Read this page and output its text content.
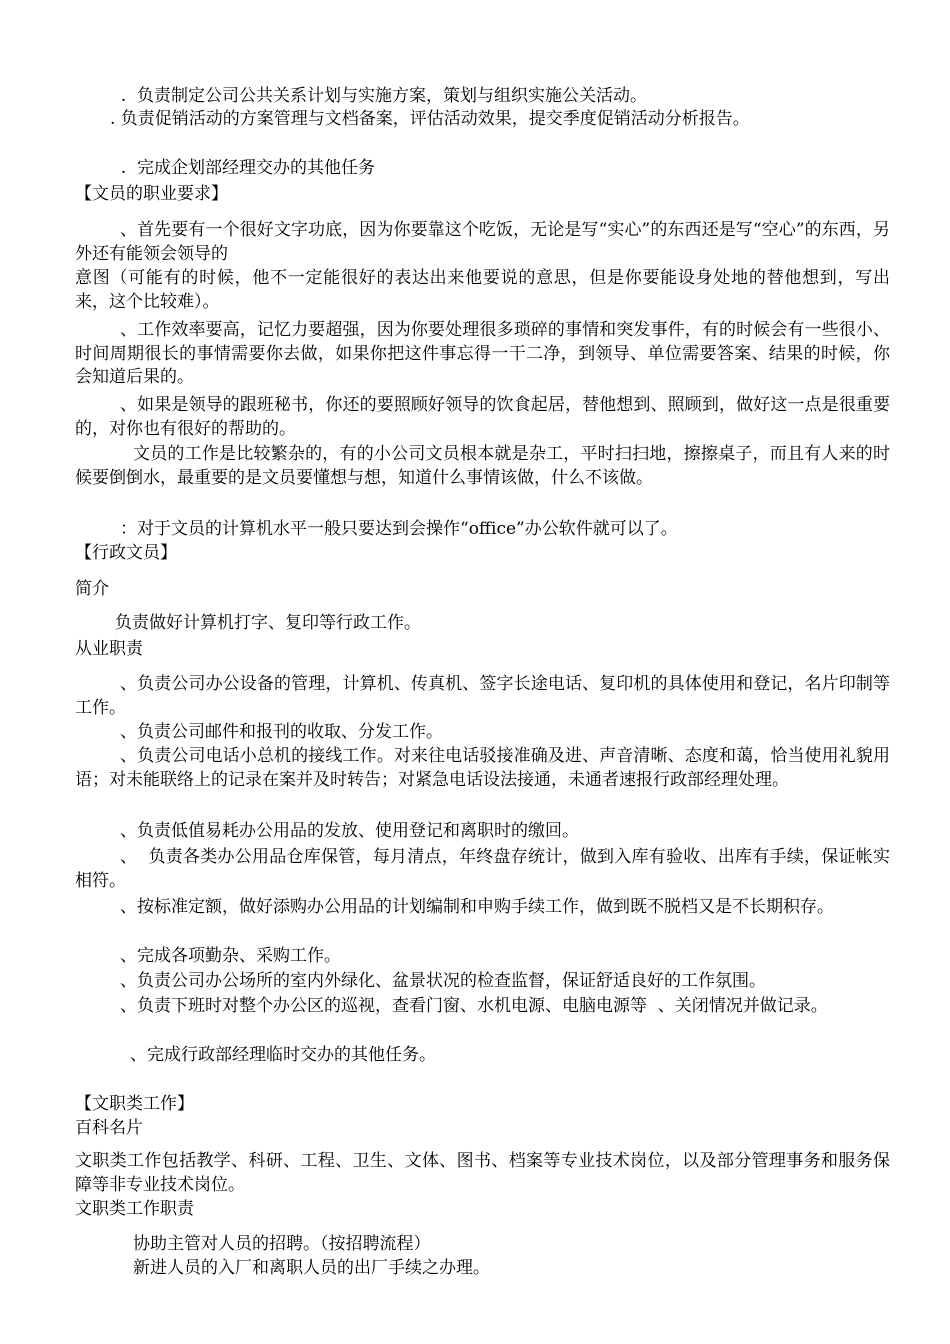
.  负责制定公司公共关系计划与实施方案，策划与组织实施公关活动。
. 负责促销活动的方案管理与文档备案，评估活动效果，提交季度促销活动分析报告。
.  完成企划部经理交办的其他任务
【文员的职业要求】
、首先要有一个很好文字功底，因为你要靠这个吃饭，无论是写“实心”的东西还是写“空心”的东西，另外还有能领会领导的
意图（可能有的时候，他不一定能很好的表达出来他要说的意思，但是你要能设身处地的替他想到，写出来，这个比较难）。
、工作效率要高，记忆力要超强，因为你要处理很多琐碎的事情和突发事件，有的时候会有一些很小、时间周期很长的事情需要你去做，如果你把这件事忘得一干二净，到领导、单位需要答案、结果的时候，你会知道后果的。
、如果是领导的跟班秘书，你还的要照顾好领导的饮食起居，替他想到、照顾到，做好这一点是很重要的，对你也有很好的帮助的。
文员的工作是比较繁杂的，有的小公司文员根本就是杂工，平时扫扫地，擦擦桌子，而且有人来的时候要倒倒水，最重要的是文员要懂想与想，知道什么事情该做，什么不该做。
：对于文员的计算机水平一般只要达到会操作“office”办公软件就可以了。
【行政文员】
简介
负责做好计算机打字、复印等行政工作。
从业职责
、负责公司办公设备的管理，计算机、传真机、签字长途电话、复印机的具体使用和登记，名片印制等工作。
、负责公司邮件和报刊的收取、分发工作。
、负责公司电话小总机的接线工作。对来往电话驳接准确及进、声音清晰、态度和蔼，恰当使用礼貌用语；对未能联络上的记录在案并及时转告；对紧急电话设法接通，未通者速报行政部经理处理。
、负责低值易耗办公用品的发放、使用登记和离职时的缴回。
、  负责各类办公用品仓库保管，每月清点，年终盘存统计，做到入库有验收、出库有手续，保证帐实  相符。
、按标准定额，做好添购办公用品的计划编制和申购手续工作，做到既不脱档又是不长期积存。
、完成各项勤杂、采购工作。
、负责公司办公场所的室内外绿化、盆景状况的检查监督，保证舒适良好的工作氛围。
、负责下班时对整个办公区的巡视，查看门窗、水机电源、电脑电源等  、关闭情况并做记录。
、完成行政部经理临时交办的其他任务。
【文职类工作】
百科名片
文职类工作包括教学、科研、工程、卫生、文体、图书、档案等专业技术岗位，以及部分管理事务和服务保障等非专业技术岗位。
文职类工作职责
协助主管对人员的招聘。（按招聘流程）
新进人员的入厂和离职人员的出厂手续之办理。
